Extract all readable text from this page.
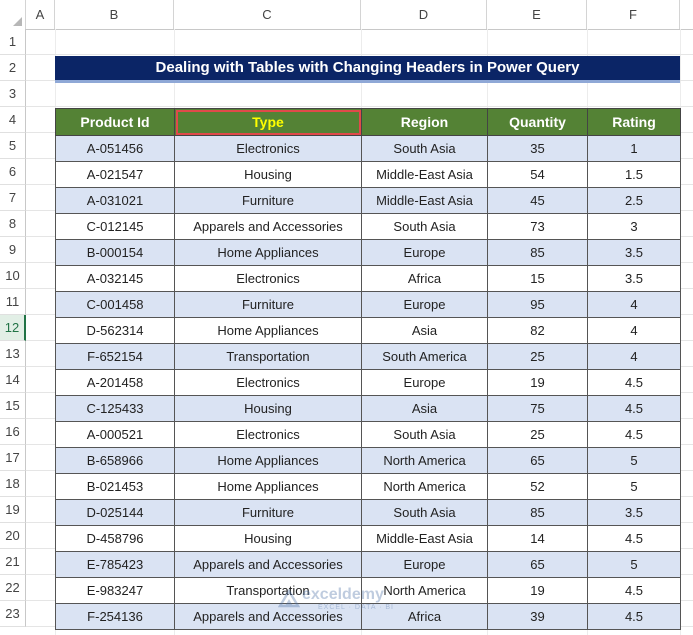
A	B	C	D	E	F
1
2
3
4
5
6
7
8
9
10
11
12
13
14
15
16
17
18
19
20
21
22
23
Dealing with Tables with Changing Headers in Power Query
Product Id	Type	Region	Quantity	Rating
A-051456	Electronics	South Asia	35	1
A-021547	Housing	Middle-East Asia	54	1.5
A-031021	Furniture	Middle-East Asia	45	2.5
C-012145	Apparels and Accessories	South Asia	73	3
B-000154	Home Appliances	Europe	85	3.5
A-032145	Electronics	Africa	15	3.5
C-001458	Furniture	Europe	95	4
D-562314	Home Appliances	Asia	82	4
F-652154	Transportation	South America	25	4
A-201458	Electronics	Europe	19	4.5
C-125433	Housing	Asia	75	4.5
A-000521	Electronics	South Asia	25	4.5
B-658966	Home Appliances	North America	65	5
B-021453	Home Appliances	North America	52	5
D-025144	Furniture	South Asia	85	3.5
D-458796	Housing	Middle-East Asia	14	4.5
E-785423	Apparels and Accessories	Europe	65	5
E-983247	Transportation	North America	19	4.5
F-254136	Apparels and Accessories	Africa	39	4.5
exceldemy
EXCEL · DATA · BI
